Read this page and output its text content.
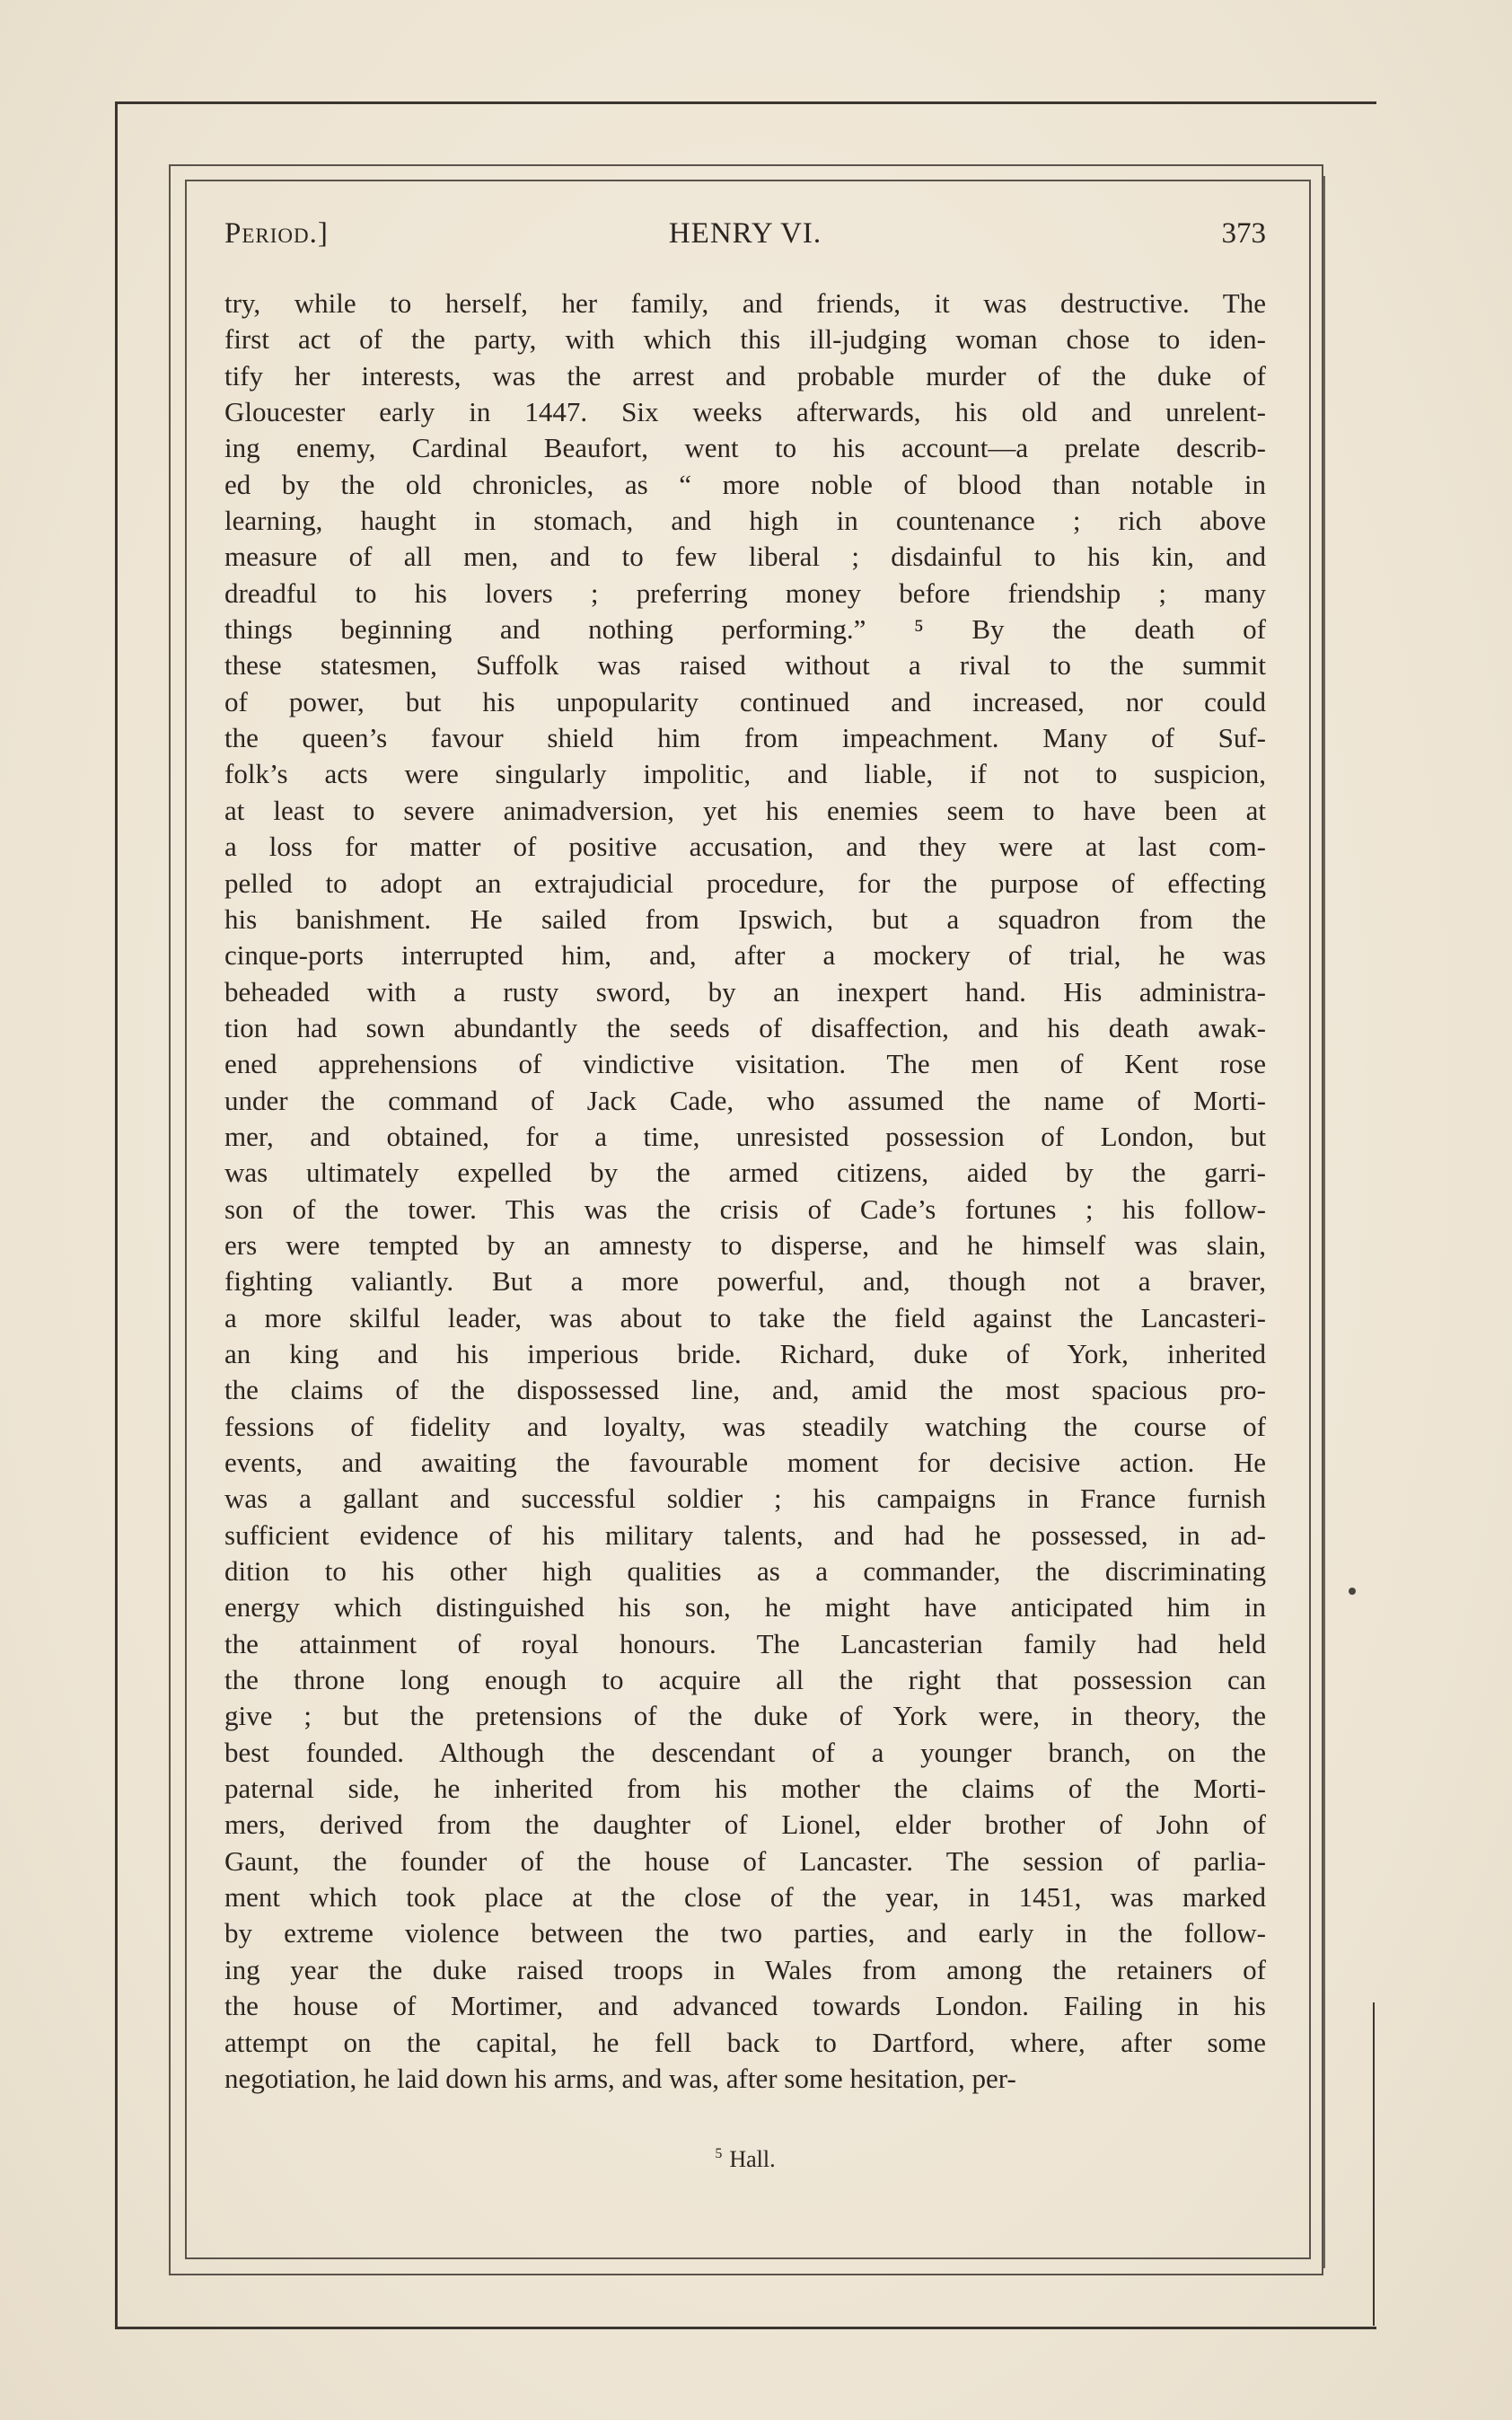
Period.]	HENRY VI.	373
try, while to herself, her family, and friends, it was destructive. The
first act of the party, with which this ill-judging woman chose to iden-
tify her interests, was the arrest and probable murder of the duke of
Gloucester early in 1447. Six weeks afterwards, his old and unrelent-
ing enemy, Cardinal Beaufort, went to his account—a prelate describ-
ed by the old chronicles, as “ more noble of blood than notable in
learning, haught in stomach, and high in countenance ; rich above
measure of all men, and to few liberal ; disdainful to his kin, and
dreadful to his lovers ; preferring money before friendship ; many
things beginning and nothing performing.” ⁵ By the death of
these statesmen, Suffolk was raised without a rival to the summit
of power, but his unpopularity continued and increased, nor could
the queen’s favour shield him from impeachment. Many of Suf-
folk’s acts were singularly impolitic, and liable, if not to suspicion,
at least to severe animadversion, yet his enemies seem to have been at
a loss for matter of positive accusation, and they were at last com-
pelled to adopt an extrajudicial procedure, for the purpose of effecting
his banishment. He sailed from Ipswich, but a squadron from the
cinque-ports interrupted him, and, after a mockery of trial, he was
beheaded with a rusty sword, by an inexpert hand. His administra-
tion had sown abundantly the seeds of disaffection, and his death awak-
ened apprehensions of vindictive visitation. The men of Kent rose
under the command of Jack Cade, who assumed the name of Morti-
mer, and obtained, for a time, unresisted possession of London, but
was ultimately expelled by the armed citizens, aided by the garri-
son of the tower. This was the crisis of Cade’s fortunes ; his follow-
ers were tempted by an amnesty to disperse, and he himself was slain,
fighting valiantly. But a more powerful, and, though not a braver,
a more skilful leader, was about to take the field against the Lancasteri-
an king and his imperious bride. Richard, duke of York, inherited
the claims of the dispossessed line, and, amid the most spacious pro-
fessions of fidelity and loyalty, was steadily watching the course of
events, and awaiting the favourable moment for decisive action. He
was a gallant and successful soldier ; his campaigns in France furnish
sufficient evidence of his military talents, and had he possessed, in ad-
dition to his other high qualities as a commander, the discriminating
energy which distinguished his son, he might have anticipated him in
the attainment of royal honours. The Lancasterian family had held
the throne long enough to acquire all the right that possession can
give ; but the pretensions of the duke of York were, in theory, the
best founded. Although the descendant of a younger branch, on the
paternal side, he inherited from his mother the claims of the Morti-
mers, derived from the daughter of Lionel, elder brother of John of
Gaunt, the founder of the house of Lancaster. The session of parlia-
ment which took place at the close of the year, in 1451, was marked
by extreme violence between the two parties, and early in the follow-
ing year the duke raised troops in Wales from among the retainers of
the house of Mortimer, and advanced towards London. Failing in his
attempt on the capital, he fell back to Dartford, where, after some
negotiation, he laid down his arms, and was, after some hesitation, per-
$^5$ Hall.
